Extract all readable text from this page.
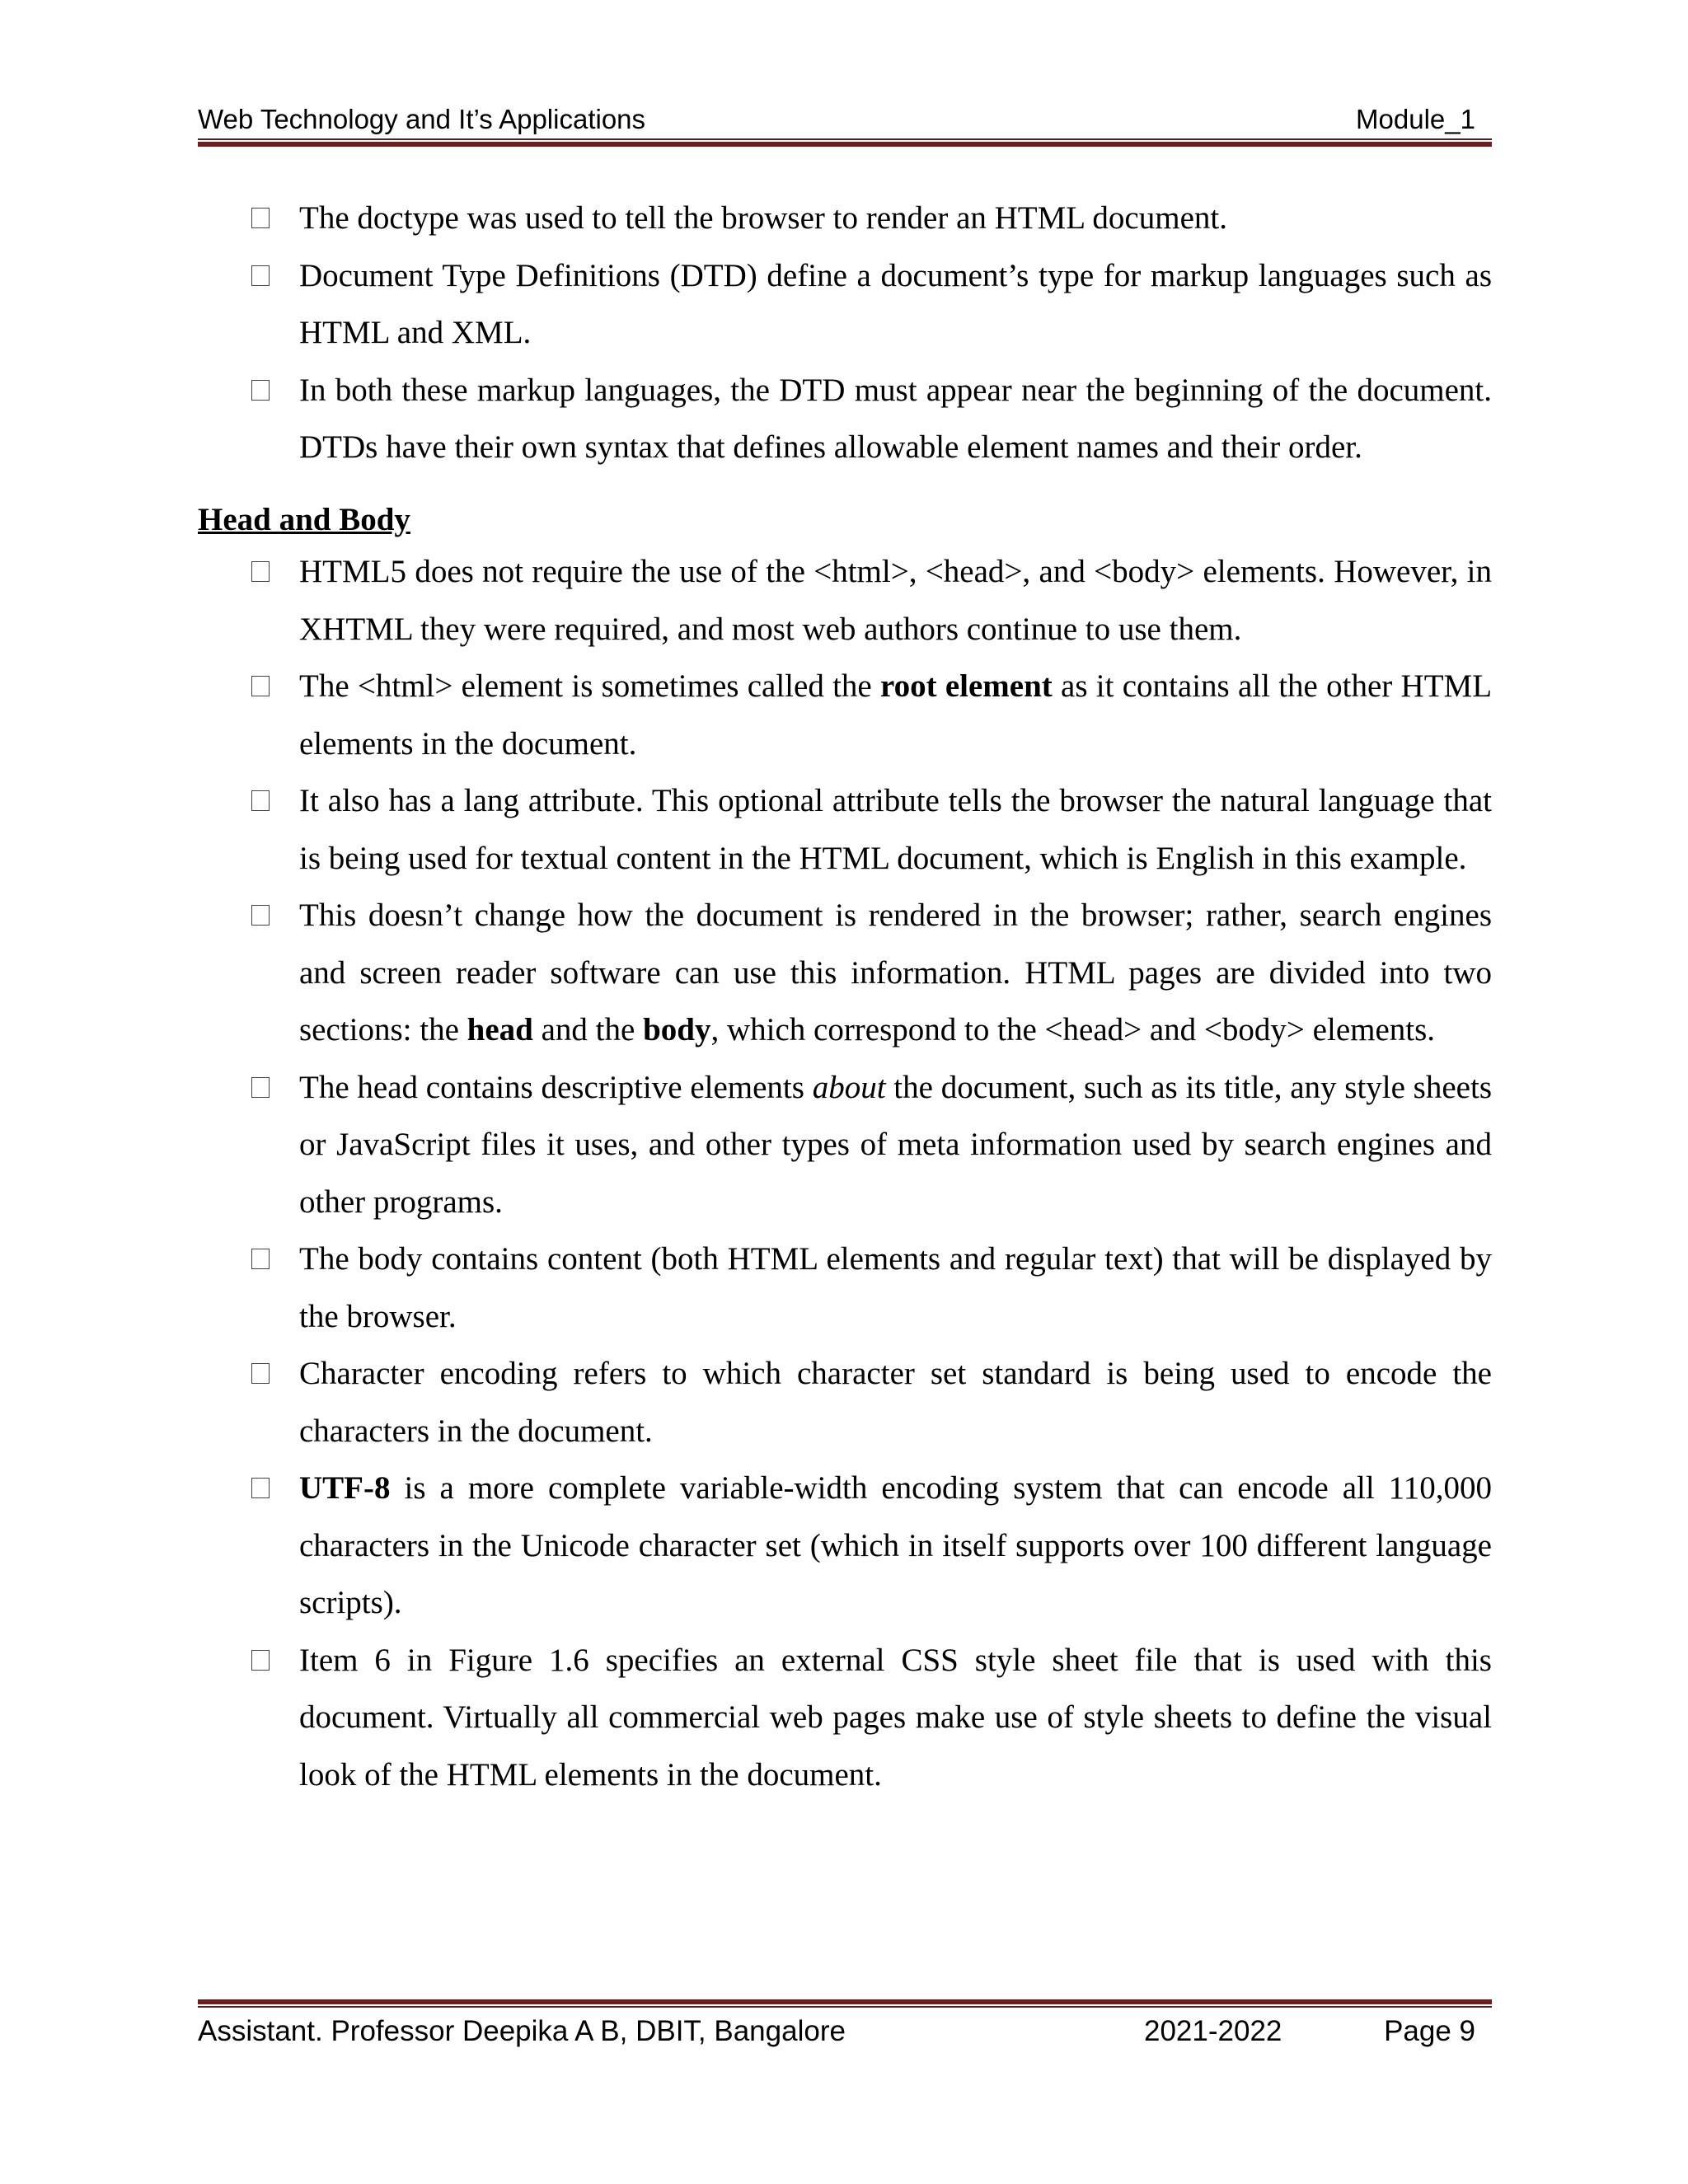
Web Technology and It’s Applications	Module_1
The doctype was used to tell the browser to render an HTML document.
Document Type Definitions (DTD) define a document’s type for markup languages such as HTML and XML.
In both these markup languages, the DTD must appear near the beginning of the document. DTDs have their own syntax that defines allowable element names and their order.
Head and Body
HTML5 does not require the use of the <html>, <head>, and <body> elements. However, in XHTML they were required, and most web authors continue to use them.
The <html> element is sometimes called the root element as it contains all the other HTML elements in the document.
It also has a lang attribute. This optional attribute tells the browser the natural language that is being used for textual content in the HTML document, which is English in this example.
This doesn’t change how the document is rendered in the browser; rather, search engines and screen reader software can use this information. HTML pages are divided into two sections: the head and the body, which correspond to the <head> and <body> elements.
The head contains descriptive elements about the document, such as its title, any style sheets or JavaScript files it uses, and other types of meta information used by search engines and other programs.
The body contains content (both HTML elements and regular text) that will be displayed by the browser.
Character encoding refers to which character set standard is being used to encode the characters in the document.
UTF-8 is a more complete variable-width encoding system that can encode all 110,000 characters in the Unicode character set (which in itself supports over 100 different language scripts).
Item 6 in Figure 1.6 specifies an external CSS style sheet file that is used with this document. Virtually all commercial web pages make use of style sheets to define the visual look of the HTML elements in the document.
Assistant. Professor Deepika A B, DBIT, Bangalore	2021-2022	Page 9
